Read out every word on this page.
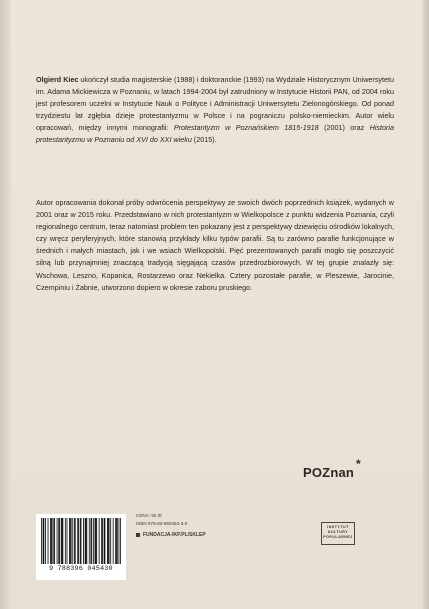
Olgierd Kiec ukończył studia magisterskie (1988) i doktoranckie (1993) na Wydziale Historycznym Uniwersytetu im. Adama Mickiewicza w Poznaniu, w latach 1994-2004 był zatrudniony w Instytucie Historii PAN, od 2004 roku jest profesorem uczelni w Instytucie Nauk o Polityce i Administracji Uniwersytetu Zielonogórskiego. Od ponad trzydziestu lat zgłębia dzieje protestantyzmu w Polsce i na pograniczu polsko-niemieckim. Autor wielu opracowań, między innymi monografii: Protestantyzm w Poznańskiem 1815-1918 (2001) oraz Historia protestantyzmu w Poznaniu od XVI do XXI wieku (2015).

Autor opracowania dokonał próby odwrócenia perspektywy ze swoich dwóch poprzednich książek, wydanych w 2001 oraz w 2015 roku. Przedstawiano w nich protestantyzm w Wielkopolsce z punktu widzenia Poznania, czyli regionalnego centrum, teraz natomiast problem ten pokazany jest z perspektywy dziewięciu ośrodków lokalnych, czy wręcz peryferyjnych, które stanowią przykłady kilku typów parafii. Są tu zarówno parafie funkcjonujące w średnich i małych miastach, jak i we wsiach Wielkopolski. Pięć prezentowanych parafii mogło się poszczycić silną lub przynajmniej znaczącą tradycją sięgającą czasów przedrozbiorowych. W tej grupie znalazły się: Wschowa, Leszno, Kopanica, Rostarzewo oraz Nekielka. Cztery pozostałe parafie, w Pleszewie, Jarocinie, Czempiniu i Żabnie, utworzono dopiero w okresie zaboru pruskiego.

POZnan
*
9 788396 045430
CENA: 50 Zł
ISBN 978-83-960454-3-0
FUNDACJA-IKP.PL/SKLEP
INSTYTUT
KULTURY
POPULARNEJ
